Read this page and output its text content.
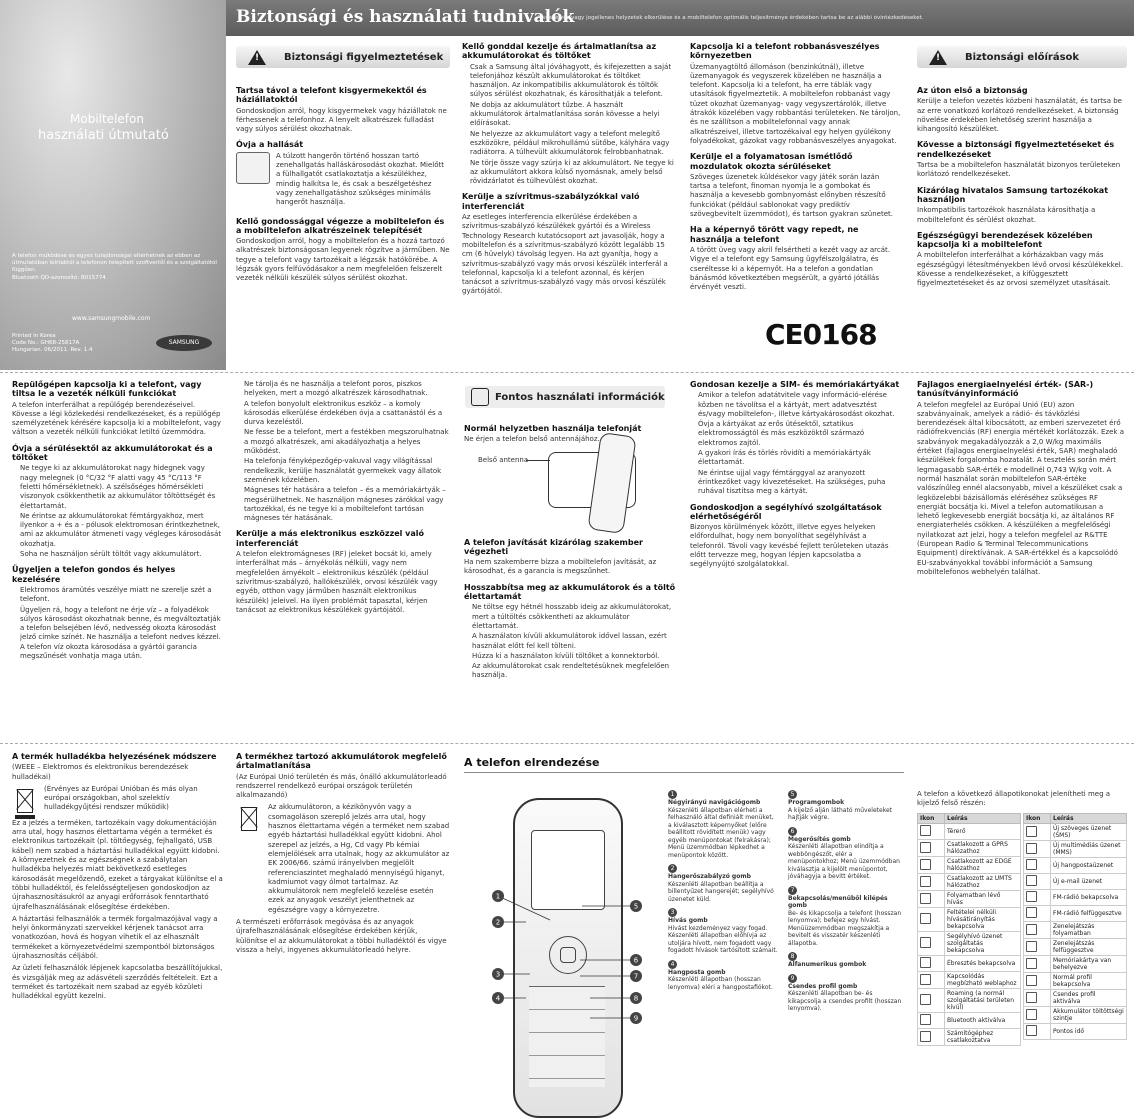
Biztonsági és használati tudnivalók
A veszélyes vagy jogellenes helyzetek elkerülése és a mobiltelefon optimális teljesítménye érdekében tartsa be az alábbi óvintézkedéseket.
Mobiltelefon
használati útmutató
A telefon működése és egyes tulajdonságai eltérhetnek az ebben az útmutatóban leírtaktól a telefonon telepített szoftvertől és a szolgáltatótól függően.
Bluetooth QD-azonosító: B015774
www.samsungmobile.com
Printed in Korea
Code No.: GH68-25817A
Hungarian. 06/2011. Rev. 1.4
SAMSUNG
!
Biztonsági figyelmeztetések
Tartsa távol a telefont kisgyermekektől és háziállatoktól

Gondoskodjon arról, hogy kisgyermekek vagy háziállatok ne férhessenek a telefonhoz. A lenyelt alkatrészek fulladást vagy súlyos sérülést okozhatnak.

Óvja a hallását

A túlzott hangerőn történő hosszan tartó zenehallgatás halláskárosodást okozhat. Mielőtt a fülhallgatót csatlakoztatja a készülékhez, mindig halkítsa le, és csak a beszélgetéshez vagy zenehallgatáshoz szükséges minimális hangerőt használja.

Kellő gondossággal végezze a mobiltelefon és a mobiltelefon alkatrészeinek telepítését

Gondoskodjon arról, hogy a mobiltelefon és a hozzá tartozó alkatrészek biztonságosan legyenek rögzítve a járműben. Ne tegye a telefont vagy tartozékait a légzsák hatókörébe. A légzsák gyors felfúvódásakor a nem megfelelően felszerelt vezeték nélküli készülék súlyos sérülést okozhat.

Kellő gonddal kezelje és ártalmatlanítsa az akkumulátorokat és töltőket
• Csak a Samsung által jóváhagyott, és kifejezetten a saját telefonjához készült akkumulátorokat és töltőket használjon. Az inkompatibilis akkumulátorok és töltők súlyos sérülést okozhatnak, és károsíthatják a telefont.
• Ne dobja az akkumulátort tűzbe. A használt akkumulátorok ártalmatlanítása során kövesse a helyi előírásokat.
• Ne helyezze az akkumulátort vagy a telefont melegítő eszközökre, például mikrohullámú sütőbe, kályhára vagy radiátorra. A túlhevült akkumulátorok felrobbanhatnak.
• Ne törje össze vagy szúrja ki az akkumulátort. Ne tegye ki az akkumulátort akkora külső nyomásnak, amely belső rövidzárlatot és túlhevülést okozhat.
Kerülje a szívritmus-szabályzókkal való interferenciát

Az esetleges interferencia elkerülése érdekében a szívritmus-szabályzó készülékek gyártói és a Wireless Technology Research kutatócsoport azt javasolják, hogy a mobiltelefon és a szívritmus-szabályzó között legalább 15 cm (6 hüvelyk) távolság legyen. Ha azt gyanítja, hogy a szívritmus-szabályzó vagy más orvosi készülék interferál a telefonnal, kapcsolja ki a telefont azonnal, és kérjen tanácsot a szívritmus-szabályzó vagy más orvosi készülék gyártójától.

Kapcsolja ki a telefont robbanásveszélyes környezetben

Üzemanyagtöltő állomáson (benzinkútnál), illetve üzemanyagok és vegyszerek közelében ne használja a telefont. Kapcsolja ki a telefont, ha erre táblák vagy utasítások figyelmeztetik. A mobiltelefon robbanást vagy tüzet okozhat üzemanyag- vagy vegyszertárolók, illetve átrakók közelében vagy robbantási területeken. Ne tároljon, és ne szállítson a mobiltelefonnal vagy annak alkatrészeivel, illetve tartozékaival egy helyen gyúlékony folyadékokat, gázokat vagy robbanásveszélyes anyagokat.

Kerülje el a folyamatosan ismétlődő mozdulatok okozta sérüléseket

Szöveges üzenetek küldésekor vagy játék során lazán tartsa a telefont, finoman nyomja le a gombokat és használja a kevesebb gombnyomást előnyben részesítő funkciókat (például sablonokat vagy prediktív szövegbevitelt üzemmódot), és tartson gyakran szünetet.

Ha a képernyő törött vagy repedt, ne használja a telefont

A törött üveg vagy akril felsértheti a kezét vagy az arcát. Vigye el a telefont egy Samsung ügyfélszolgálatra, és cseréltesse ki a képernyőt. Ha a telefon a gondatlan bánásmód következtében megsérült, a gyártó jótállás érvényét veszti.

CE0168
!
Biztonsági előírások
Az úton első a biztonság

Kerülje a telefon vezetés közbeni használatát, és tartsa be az erre vonatkozó korlátozó rendelkezéseket. A biztonság növelése érdekében lehetőség szerint használja a kihangosító készüléket.

Kövesse a biztonsági figyelmeztetéseket és rendelkezéseket

Tartsa be a mobiltelefon használatát bizonyos területeken korlátozó rendelkezéseket.

Kizárólag hivatalos Samsung tartozékokat használjon

Inkompatibilis tartozékok használata károsíthatja a mobiltelefont és sérülést okozhat.

Egészségügyi berendezések közelében kapcsolja ki a mobiltelefont

A mobiltelefon interferálhat a kórházakban vagy más egészségügyi létesítményekben lévő orvosi készülékekkel. Kövesse a rendelkezéseket, a kifüggesztett figyelmeztetéseket és az orvosi személyzet utasításait.

Repülőgépen kapcsolja ki a telefont, vagy tiltsa le a vezeték nélküli funkciókat

A telefon interferálhat a repülőgép berendezéseivel. Kövesse a légi közlekedési rendelkezéseket, és a repülőgép személyzetének kérésére kapcsolja ki a mobiltelefont, vagy váltson a vezeték nélküli funkciókat letiltó üzemmódra.

Óvja a sérülésektől az akkumulátorokat és a töltőket
• Ne tegye ki az akkumulátorokat nagy hidegnek vagy nagy melegnek (0 °C/32 °F alatti vagy 45 °C/113 °F feletti hőmérsékletnek). A szélsőséges hőmérsékleti viszonyok csökkenthetik az akkumulátor töltöttségét és élettartamát.
• Ne érintse az akkumulátorokat fémtárgyakhoz, mert ilyenkor a + és a - pólusok elektromosan érintkezhetnek, ami az akkumulátor átmeneti vagy végleges károsodását okozhatja.
• Soha ne használjon sérült töltőt vagy akkumulátort.
Ügyeljen a telefon gondos és helyes kezelésére
• Elektromos áramütés veszélye miatt ne szerelje szét a telefont.
• Ügyeljen rá, hogy a telefont ne érje víz – a folyadékok súlyos károsodást okozhatnak benne, és megváltoztatják a telefon belsejében lévő, nedvesség okozta károsodást jelző címke színét. Ne használja a telefont nedves kézzel. A telefon víz okozta károsodása a gyártói garancia megszűnését vonhatja maga után.
• Ne tárolja és ne használja a telefont poros, piszkos helyeken, mert a mozgó alkatrészek károsodhatnak.
• A telefon bonyolult elektronikus eszköz – a komoly károsodás elkerülése érdekében óvja a csattanástól és a durva kezeléstől.
• Ne fesse be a telefont, mert a festékben megszorulhatnak a mozgó alkatrészek, ami akadályozhatja a helyes működést.
• Ha telefonja fényképezőgép-vakuval vagy világítással rendelkezik, kerülje használatát gyermekek vagy állatok szemének közelében.
• Mágneses tér hatására a telefon – és a memóriakártyák – megsérülhetnek. Ne használjon mágneses zárókkal vagy tartozékkal, és ne tegye ki a mobiltelefont tartósan mágneses tér hatásának.
Kerülje a más elektronikus eszközzel való interferenciát

A telefon elektromágneses (RF) jeleket bocsát ki, amely interferálhat más – árnyékolás nélküli, vagy nem megfelelően árnyékolt – elektronikus készülék (például szívritmus-szabályzó, hallókészülék, orvosi készülék vagy egyéb, otthon vagy járműben használt elektronikus készülék) jeleivel. Ha ilyen problémát tapasztal, kérjen tanácsot az elektronikus készülékek gyártójától.

Fontos használati információk
Normál helyzetben használja telefonját

Ne érjen a telefon belső antennájához.

Belső antenna
A telefon javítását kizárólag szakember végezheti

Ha nem szakemberre bízza a mobiltelefon javítását, az károsodhat, és a garancia is megszűnhet.

Hosszabbítsa meg az akkumulátorok és a töltő élettartamát
• Ne töltse egy hétnél hosszabb ideig az akkumulátorokat, mert a túltöltés csökkentheti az akkumulátor élettartamát.
• A használaton kívüli akkumulátorok idővel lassan, ezért használat előtt fel kell tölteni.
• Húzza ki a használaton kívüli töltőket a konnektorból.
• Az akkumulátorokat csak rendeltetésüknek megfelelően használja.
Gondosan kezelje a SIM- és memóriakártyákat
• Amikor a telefon adatátvitele vagy információ-elérése közben ne távolítsa el a kártyát, mert adatvesztést és/vagy mobiltelefon-, illetve kártyakárosodást okozhat.
• Óvja a kártyákat az erős ütésektől, sztatikus elektromosságtól és más eszközöktől származó elektromos zajtól.
• A gyakori írás és törlés rövidíti a memóriakártyák élettartamát.
• Ne érintse ujjal vagy fémtárggyal az aranyozott érintkezőket vagy kivezetéseket. Ha szükséges, puha ruhával tisztítsa meg a kártyát.
Gondoskodjon a segélyhívó szolgáltatások elérhetőségéről

Bizonyos körülmények között, illetve egyes helyeken előfordulhat, hogy nem bonyolíthat segélyhívást a telefonról. Távoli vagy kevésbé fejlett területeken utazás előtt tervezze meg, hogyan lépjen kapcsolatba a segélynyújtó szolgálatokkal.

Fajlagos energiaelnyelési érték- (SAR-) tanúsítványinformáció

A telefon megfelel az Európai Unió (EU) azon szabványainak, amelyek a rádió- és távközlési berendezések által kibocsátott, az emberi szervezetet érő rádiófrekvenciás (RF) energia mértékét korlátozzák. Ezek a szabványok megakadályozzák a 2,0 W/kg maximális értéket (fajlagos energiaelnyelési érték, SAR) meghaladó készülékek forgalomba hozatalát. A tesztelés során mért legmagasabb SAR-érték e modellnél 0,743 W/kg volt. A normál használat során mobiltelefon SAR-értéke valószínűleg ennél alacsonyabb, mivel a készüléket csak a legközelebbi bázisállomás eléréséhez szükséges RF energiát bocsátja ki. Mivel a telefon automatikusan a lehető legkevesebb energiát bocsátja ki, az általános RF energiaterhelés csökken. A készüléken a megfelelőségi nyilatkozat azt jelzi, hogy a telefon megfelel az R&TTE (European Radio & Terminal Telecommunications Equipment) direktívának. A SAR-értékkel és a kapcsolódó EU-szabványokkal további információt a Samsung mobiltelefonos webhelyén találhat.

A termék hulladékba helyezésének módszere

(WEEE – Elektromos és elektronikus berendezések hulladékai)

(Érvényes az Európai Unióban és más olyan európai országokban, ahol szelektív hulladékgyűjtési rendszer működik)

Ez a jelzés a terméken, tartozékain vagy dokumentációján arra utal, hogy hasznos élettartama végén a terméket és elektronikus tartozékait (pl. töltőegység, fejhallgató, USB kábel) nem szabad a háztartási hulladékkal együtt kidobni. A környezetnek és az egészségnek a szabálytalan hulladékba helyezés miatt bekövetkező esetleges károsodását megelőzendő, ezeket a tárgyakat különítse el a többi hulladéktól, és felelősségteljesen gondoskodjon az újrahasznosításukról az anyagi erőforrások fenntartható újrafelhasználásának elősegítése érdekében.

A háztartási felhasználók a termék forgalmazójával vagy a helyi önkormányzati szervekkel kérjenek tanácsot arra vonatkozóan, hová és hogyan vihetik el az elhasznált termékeket a környezetvédelmi szempontból biztonságos újrahasznosítás céljából.

Az üzleti felhasználók lépjenek kapcsolatba beszállítójukkal, és vizsgálják meg az adásvételi szerződés feltételeit. Ezt a terméket és tartozékait nem szabad az egyéb közületi hulladékkal együtt kezelni.

A termékhez tartozó akkumulátorok megfelelő ártalmatlanítása

(Az Európai Unió területén és más, önálló akkumulátorleadó rendszerrel rendelkező európai országok területén alkalmazandó)

Az akkumulátoron, a kézikönyvön vagy a csomagoláson szereplő jelzés arra utal, hogy hasznos élettartama végén a terméket nem szabad egyéb háztartási hulladékkal együtt kidobni. Ahol szerepel az jelzés, a Hg, Cd vagy Pb kémiai elemjelölések arra utalnak, hogy az akkumulátor az EK 2006/66. számú irányelvben megjelölt referenciaszintet meghaladó mennyiségű higanyt, kadmiumot vagy ólmot tartalmaz. Az akkumulátorok nem megfelelő kezelése esetén ezek az anyagok veszélyt jelenthetnek az egészségre vagy a környezetre.

A természeti erőforrások megóvása és az anyagok újrafelhasználásának elősegítése érdekében kérjük, különítse el az akkumulátorokat a többi hulladéktól és vigye vissza a helyi, ingyenes akkumulátorleadó helyre.

A telefon elrendezése
1
2
3
4
5
6
7
8
9
1
Négyirányú navigációgomb
Készenléti állapotban elérheti a felhasználó által definiált menüket, a kiválasztott képernyőket (előre beállított rövidített menük) vagy egyéb menüpontokat (felrakásra); Menü üzemmódban lépkedhet a menüpontok között.
2
Hangerőszabályzó gomb
Készenléti állapotban beállítja a billentyűzet hangerejét; segélyhívó üzenetet küld.
3
Hívás gomb
Hívást kezdeményez vagy fogad. Készenléti állapotban előhívja az utoljára hívott, nem fogadott vagy fogadott hívások tartósított számait.
4
Hangposta gomb
Készenléti állapotban (hosszan lenyomva) eléri a hangpostafiókot.
5
Programgombok
A kijelző alján látható műveleteket hajtják végre.
6
Megerősítés gomb
Készenléti állapotban elindítja a webböngészőt, elér a menüpontokhoz; Menü üzemmódban kiválasztja a kijelölt menüpontot, jóváhagyja a bevitt értéket.
7
Bekapcsolás/menüből kilépés gomb
Be- és kikapcsolja a telefont (hosszan lenyomva); befejez egy hívást. Menüüzemmódban megszakítja a bevitelt és visszatér készenléti állapotba.
8
Alfanumerikus gombok
9
Csendes profil gomb
Készenléti állapotban be- és kikapcsolja a csendes profilt (hosszan lenyomva).
A telefon a következő állapotikonokat jelenítheti meg a kijelző felső részén:
Ikon	Leírás
	Térerő
	Csatlakozott a GPRS hálózathoz
	Csatlakozott az EDGE hálózathoz
	Csatlakozott az UMTS hálózathoz
	Folyamatban lévő hívás
	Feltételei nélküli hívásátirányítás bekapcsolva
	Segélyhívó üzenet szolgáltatás bekapcsolva
	Ébresztés bekapcsolva
	Kapcsolódás megbízható weblaphoz
	Roaming (a normál szolgáltatási területen kívül)
	Bluetooth aktiválva
	Számítógéphez csatlakoztatva
Ikon	Leírás
	Új szöveges üzenet (SMS)
	Új multimédiás üzenet (MMS)
	Új hangpostaüzenet
	Új e-mail üzenet
	FM-rádió bekapcsolva
	FM-rádió felfüggesztve
	Zenelejátszás folyamatban
	Zenelejátszás felfüggesztve
	Memóriakártya van behelyezve
	Normál profil bekapcsolva
	Csendes profil aktiválva
	Akkumulátor töltöttségi szintje
	Pontos idő
